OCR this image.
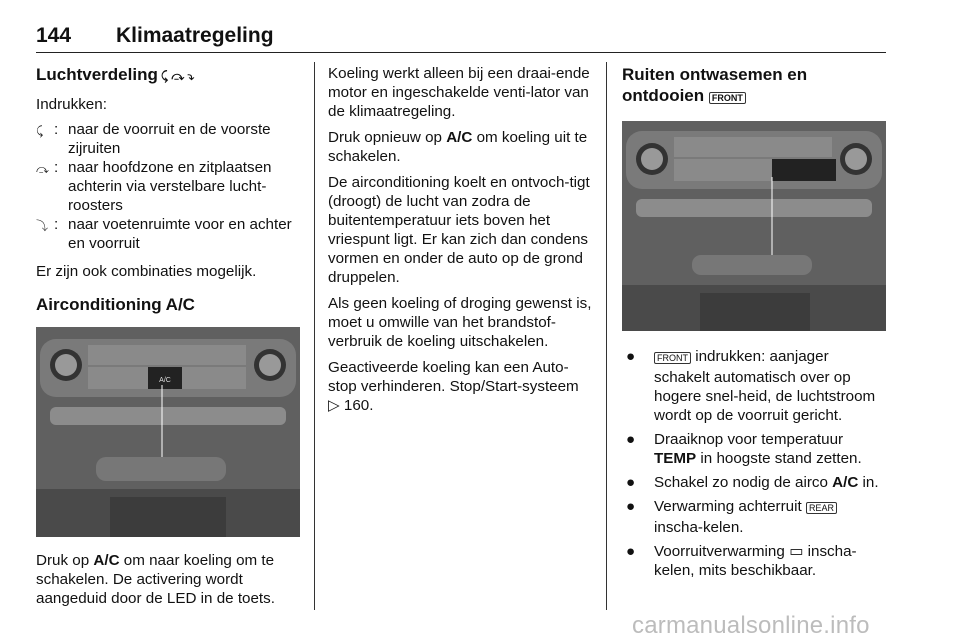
144 Klimaatregeling
Luchtverdeling ⤹ ⤼ ⤵

Indrukken:

⤹ : naar de voorruit en de voorste zijruiten
⤼ : naar hoofdzone en zitplaatsen achterin via verstelbare lucht-roosters
⤵ : naar voetenruimte voor en achter en voorruit

Er zijn ook combinaties mogelijk.

Airconditioning A/C
A/C

Druk op A/C om naar koeling om te schakelen. De activering wordt aangeduid door de LED in de toets.

Koeling werkt alleen bij een draai-ende motor en ingeschakelde venti-lator van de klimaatregeling.

Druk opnieuw op A/C om koeling uit te schakelen.

De airconditioning koelt en ontvoch-tigt (droogt) de lucht van zodra de buitentemperatuur iets boven het vriespunt ligt. Er kan zich dan condens vormen en onder de auto op de grond druppelen.

Als geen koeling of droging gewenst is, moet u omwille van het brandstof-verbruik de koeling uitschakelen.

Geactiveerde koeling kan een Auto-stop verhinderen. Stop/Start-systeem ▷ 160.

Ruiten ontwasemen en
ontdooien FRONT
●	FRONT indrukken: aanjager schakelt automatisch over op hogere snel-heid, de luchtstroom wordt op de voorruit gericht.
●	Draaiknop voor temperatuur TEMP in hoogste stand zetten.
●	Schakel zo nodig de airco A/C in.
●	Verwarming achterruit REAR inscha-kelen.
●	Voorruitverwarming ▭ inscha-kelen, mits beschikbaar.
carmanualsonline.info
